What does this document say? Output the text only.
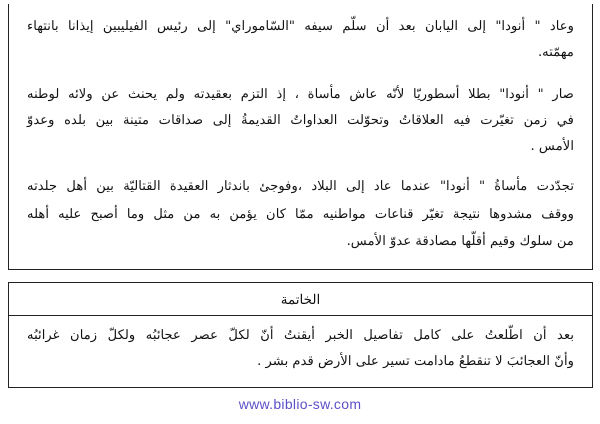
وعاد " أنودا" إلى اليابان بعد أن سلّم سيفه "السّاموراي" إلى رئيس الفيليبين إيذانا بانتهاء
مهمّته.
صار " أنودا" بطلا أسطوريّا لأنّه عاش مأساة ، إذ التزم بعقيدته ولم يحنث عن ولائه لوطنه
في زمن تغيّرت فيه العلاقاتُ وتحوّلت العداواتُ القديمةُ إلى صداقات متينة بين بلده وعدوّ
الأمس .
تجدّدت مأساةُ " أنودا" عندما عاد إلى البلاد ،وفوجئ باندثار العقيدة القتاليّة بين أهل جلدته
ووقف مشدوها نتيجة تغيّر قناعات مواطنيه ممّا كان يؤمن به من مثل وما أصبح عليه أهله
من سلوك وقيم أقلّها مصادقة عدوّ الأمس.
الخاتمة
بعد أن اطّلعتُ على كامل تفاصيل الخبر أيقنتُ أنّ لكلّ عصر عجائبُه ولكلّ زمان غرائبُه
وأنّ العجائبَ لا تنقطعُ مادامت تسير على الأرض قدم بشر .
www.biblio-sw.com
